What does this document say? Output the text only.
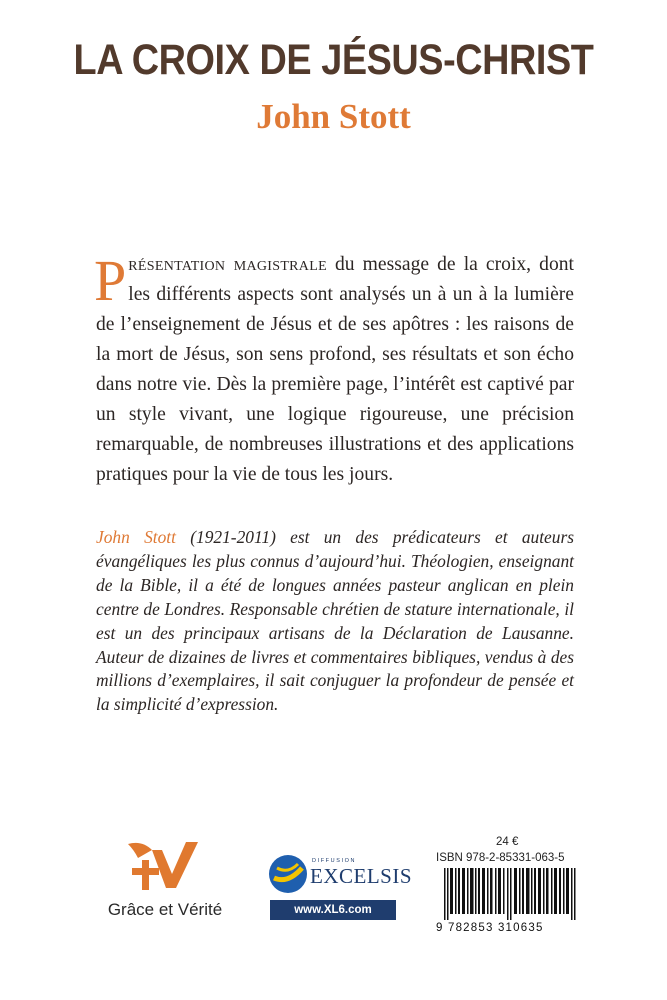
LA CROIX DE JÉSUS-CHRIST
John Stott

Présentation magistrale du message de la croix, dont les différents aspects sont analysés un à un à la lumière de l’enseignement de Jésus et de ses apôtres : les raisons de la mort de Jésus, son sens profond, ses résultats et son écho dans notre vie. Dès la première page, l’intérêt est captivé par un style vivant, une logique rigoureuse, une précision remarquable, de nombreuses illustrations et des applications pratiques pour la vie de tous les jours.

John Stott (1921-2011) est un des prédicateurs et auteurs évangéliques les plus connus d’aujourd’hui. Théologien, enseignant de la Bible, il a été de longues années pasteur anglican en plein centre de Londres. Responsable chrétien de stature internationale, il est un des principaux artisans de la Déclaration de Lausanne. Auteur de dizaines de livres et commentaires bibliques, vendus à des millions d’exemplaires, il sait conjuguer la profondeur de pensée et la simplicité d’expression.

Grâce et Vérité
DIFFUSION
EXCELSIS
www.XL6.com
24 €
ISBN 978-2-85331-063-5
9 782853 310635
